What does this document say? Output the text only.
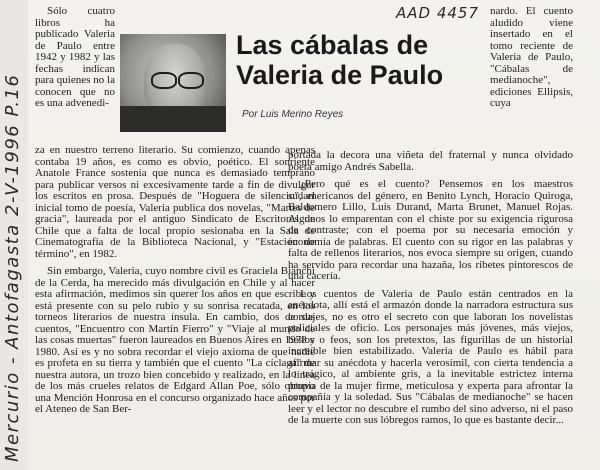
Mercurio - Antofagasta 2-V-1996 P.16
AAD 4457

Sólo cuatro libros ha publicado Valeria de Paulo entre 1942 y 1982 y las fechas indican para quienes no la conocen que no es una advenedi-

Las cábalas de Valeria de Paulo
Por Luis Merino Reyes

nardo. El cuento aludido viene insertado en el tomo reciente de Valeria de Paulo, "Cábalas de medianoche", ediciones Ellipsis, cuya

za en nuestro terreno literario. Su comienzo, cuando apenas contaba 19 años, es como es obvio, poético. El sonriente Anatole France sostenía que nunca es demasiado temprano para publicar versos ni excesivamente tarde a fin de divulgar los escritos en prosa. Después de "Hoguera de silencio", el inicial tomo de poesía, Valeria publica dos novelas, "Martes de gracia", laureada por el antiguo Sindicato de Escritores de Chile que a falta de local propio sesionaba en la Sala de Cinematografía de la Biblioteca Nacional, y "Estación de término", en 1982.

Sin embargo, Valeria, cuyo nombre civil es Graciela Bianchi de la Cerda, ha merecido más divulgación en Chile y al hacer esta afirmación, medimos sin querer los años en que escribe y está presente con su pelo rubio y su sonrisa recatada, en los torneos literarios de nuestra ínsula. En cambio, dos de sus cuentos, "Encuentro con Martín Fierro" y "Viaje al mundo de las cosas muertas" fueron laureados en Buenos Aires en 1978 y 1980. Así es y no sobra recordar el viejo axioma de que nadie es profeta en su tierra y también que el cuento "La cíclaga" de nuestra autora, un trozo bien concebido y realizado, en la línea de los más crueles relatos de Edgard Allan Poe, sólo obtuvo una Mención Honrosa en el concurso organizado hace años por el Ateneo de San Ber-

portada la decora una viñeta del fraternal y nunca olvidado poeta amigo Andrés Sabella.

¿Pero qué es el cuento? Pensemos en los maestros sudamericanos del género, en Benito Lynch, Horacio Quiroga, Baldomero Lillo, Luis Durand, Marta Brunet, Manuel Rojas. Algunos lo emparentan con el chiste por su exigencia rigurosa de contraste; con el poema por su necesaria emoción y economía de palabras. El cuento con su rigor en las palabras y falta de rellenos literarios, nos evoca siempre su origen, cuando ha servido para recordar una hazaña, los ribetes pintorescos de una cacería.

Los cuentos de Valeria de Paulo están centrados en la anécdota, allí está el armazón donde la narradora estructura sus cordajes, no es otro el secreto con que laboran los novelistas policiales de oficio. Los personajes más jóvenes, más viejos, bellos o feos, son los pretextos, las figurillas de un historial increíble bien estabilizado. Valeria de Paulo es hábil para afirmar su anécdota y hacerla verosímil, con cierta tendencia a lo trágico, al ambiente gris, a la inevitable estrictez interna propia de la mujer firme, meticulosa y experta para afrontar la compañía y la soledad. Sus "Cábalas de medianoche" se hacen leer y el lector no descubre el rumbo del sino adverso, ni el paso de la muerte con sus lóbregos ramos, lo que es bastante decir...
